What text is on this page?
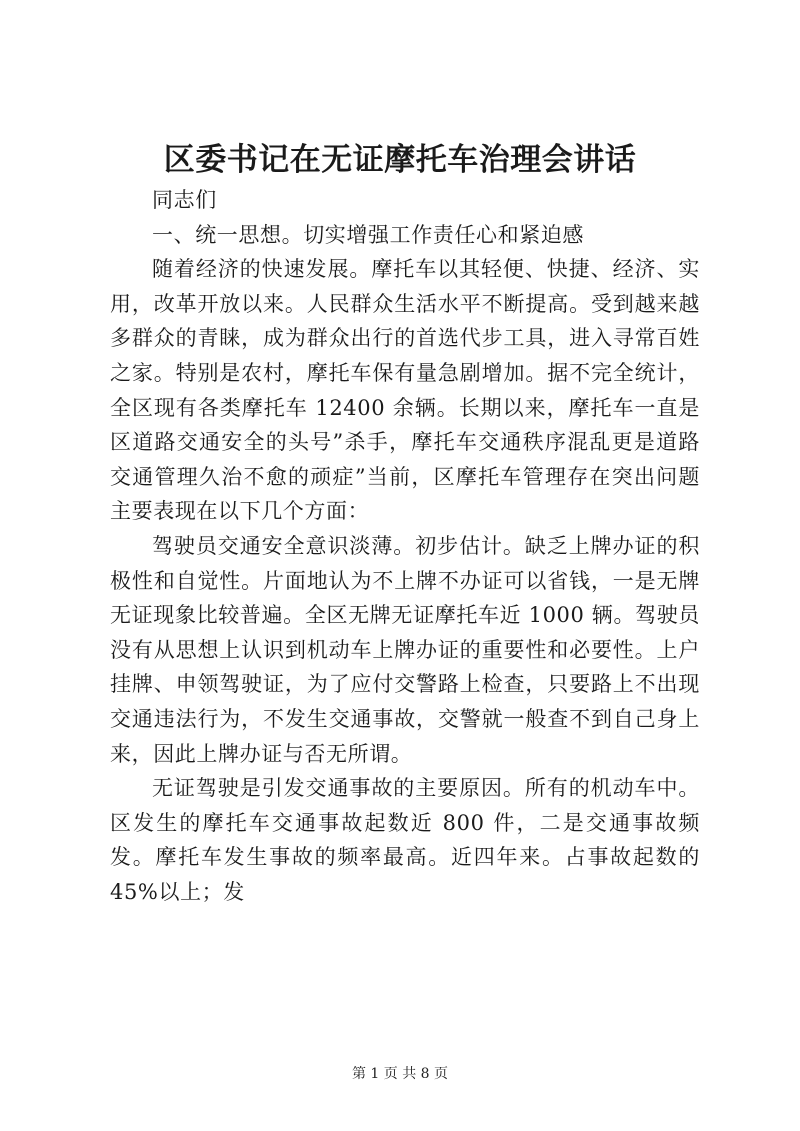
区委书记在无证摩托车治理会讲话

同志们

一、统一思想。切实增强工作责任心和紧迫感

随着经济的快速发展。摩托车以其轻便、快捷、经济、实用，改革开放以来。人民群众生活水平不断提高。受到越来越多群众的青睐，成为群众出行的首选代步工具，进入寻常百姓之家。特别是农村，摩托车保有量急剧增加。据不完全统计，全区现有各类摩托车 12400 余辆。长期以来，摩托车一直是区道路交通安全的头号”杀手，摩托车交通秩序混乱更是道路交通管理久治不愈的顽症”当前，区摩托车管理存在突出问题主要表现在以下几个方面：

驾驶员交通安全意识淡薄。初步估计。缺乏上牌办证的积极性和自觉性。片面地认为不上牌不办证可以省钱，一是无牌无证现象比较普遍。全区无牌无证摩托车近 1000 辆。驾驶员没有从思想上认识到机动车上牌办证的重要性和必要性。上户挂牌、申领驾驶证，为了应付交警路上检查，只要路上不出现交通违法行为，不发生交通事故，交警就一般查不到自己身上来，因此上牌办证与否无所谓。

无证驾驶是引发交通事故的主要原因。所有的机动车中。区发生的摩托车交通事故起数近 800 件，二是交通事故频发。摩托车发生事故的频率最高。近四年来。占事故起数的 45%以上；发

第 1 页 共 8 页
